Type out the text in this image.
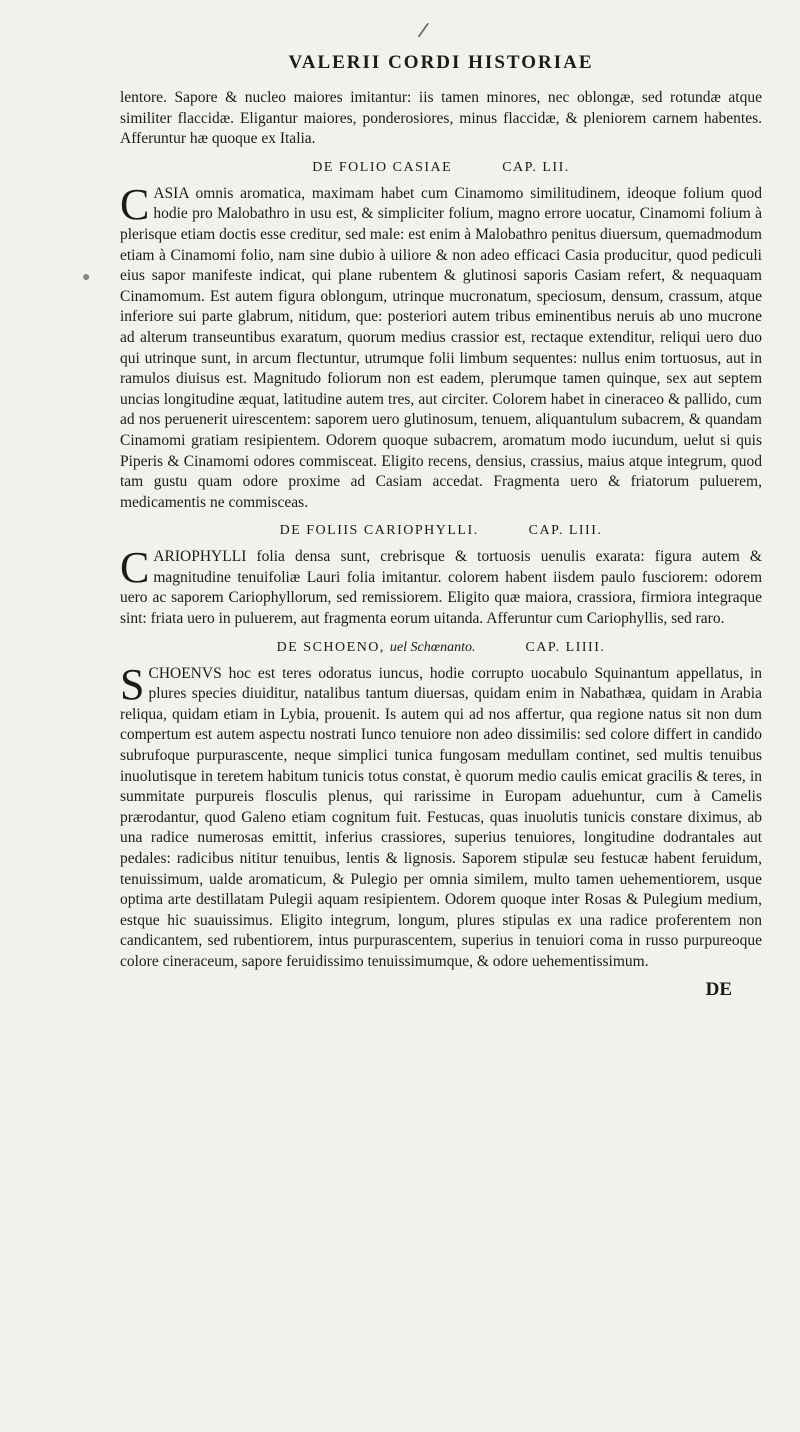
/
●
VALERII CORDI HISTORIAE

lentore. Sapore & nucleo maiores imitantur: iis tamen minores, nec oblongæ, sed rotundæ atque similiter flaccidæ. Eligantur maiores, ponderosiores, minus flaccidæ, & pleniorem carnem habentes. Afferuntur hæ quoque ex Italia.

DE FOLIO CASIAE	CAP. LII.

CASIA omnis aromatica, maximam habet cum Cinamomo similitudinem, ideoque folium quod hodie pro Malobathro in usu est, & simpliciter folium, magno errore uocatur, Cinamomi folium à plerisque etiam doctis esse creditur, sed male: est enim à Malobathro penitus diuersum, quemadmodum etiam à Cinamomi folio, nam sine dubio à uiliore & non adeo efficaci Casia producitur, quod pediculi eius sapor manifeste indicat, qui plane rubentem & glutinosi saporis Casiam refert, & nequaquam Cinamomum. Est autem figura oblongum, utrinque mucronatum, speciosum, densum, crassum, atque inferiore sui parte glabrum, nitidum, que: posteriori autem tribus eminentibus neruis ab uno mucrone ad alterum transeuntibus exaratum, quorum medius crassior est, rectaque extenditur, reliqui uero duo qui utrinque sunt, in arcum flectuntur, utrumque folii limbum sequentes: nullus enim tortuosus, aut in ramulos diuisus est. Magnitudo foliorum non est eadem, plerumque tamen quinque, sex aut septem uncias longitudine æquat, latitudine autem tres, aut circiter. Colorem habet in cineraceo & pallido, cum ad nos peruenerit uirescentem: saporem uero glutinosum, tenuem, aliquantulum subacrem, & quandam Cinamomi gratiam resipientem. Odorem quoque subacrem, aromatum modo iucundum, uelut si quis Piperis & Cinamomi odores commisceat. Eligito recens, densius, crassius, maius atque integrum, quod tam gustu quam odore proxime ad Casiam accedat. Fragmenta uero & friatorum puluerem, medicamentis ne commisceas.

DE FOLIIS CARIOPHYLLI.	CAP. LIII.

CARIOPHYLLI folia densa sunt, crebrisque & tortuosis uenulis exarata: figura autem & magnitudine tenuifoliæ Lauri folia imitantur. colorem habent iisdem paulo fusciorem: odorem uero ac saporem Cariophyllorum, sed remissiorem. Eligito quæ maiora, crassiora, firmiora integraque sint: friata uero in puluerem, aut fragmenta eorum uitanda. Afferuntur cum Cariophyllis, sed raro.

DE SCHOENO, uel Schœnanto.	CAP. LIIII.

SCHOENVS hoc est teres odoratus iuncus, hodie corrupto uocabulo Squinantum appellatus, in plures species diuiditur, natalibus tantum diuersas, quidam enim in Nabathæa, quidam in Arabia reliqua, quidam etiam in Lybia, prouenit. Is autem qui ad nos affertur, qua regione natus sit non dum compertum est autem aspectu nostrati Iunco tenuiore non adeo dissimilis: sed colore differt in candido subrufoque purpurascente, neque simplici tunica fungosam medullam continet, sed multis tenuibus inuolutisque in teretem habitum tunicis totus constat, è quorum medio caulis emicat gracilis & teres, in summitate purpureis flosculis plenus, qui rarissime in Europam aduehuntur, cum à Camelis prærodantur, quod Galeno etiam cognitum fuit. Festucas, quas inuolutis tunicis constare diximus, ab una radice numerosas emittit, inferius crassiores, superius tenuiores, longitudine dodrantales aut pedales: radicibus nititur tenuibus, lentis & lignosis. Saporem stipulæ seu festucæ habent feruidum, tenuissimum, ualde aromaticum, & Pulegio per omnia similem, multo tamen uehementiorem, usque optima arte destillatam Pulegii aquam resipientem. Odorem quoque inter Rosas & Pulegium medium, estque hic suauissimus. Eligito integrum, longum, plures stipulas ex una radice proferentem non candicantem, sed rubentiorem, intus purpurascentem, superius in tenuiori coma in russo purpureoque colore cineraceum, sapore feruidissimo tenuissimumque, & odore uehementissimum.

DE
